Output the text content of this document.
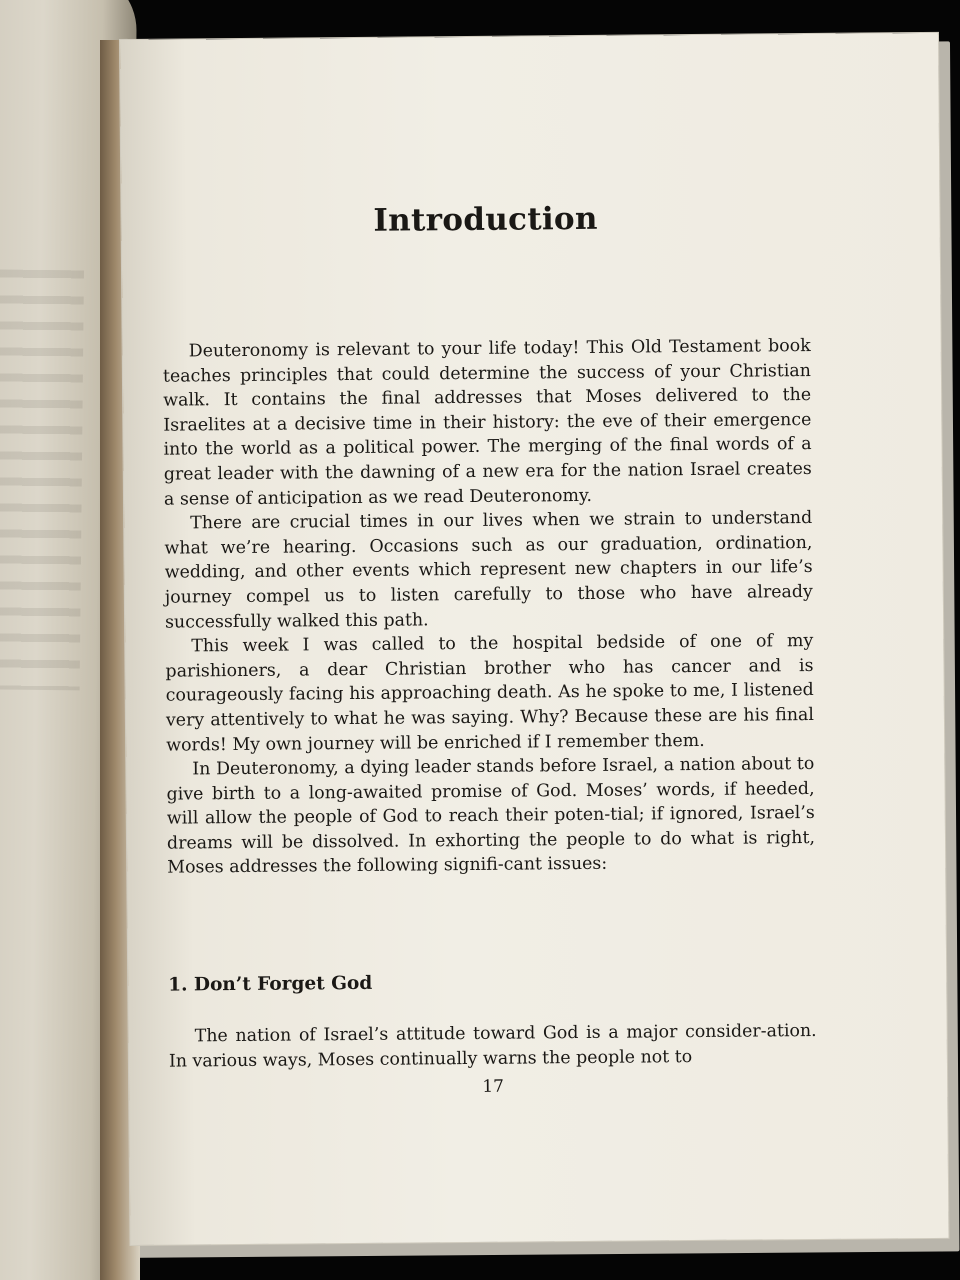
Introduction

Deuteronomy is relevant to your life today! This Old Testament book teaches principles that could determine the success of your Christian walk. It contains the final addresses that Moses delivered to the Israelites at a decisive time in their history: the eve of their emergence into the world as a political power. The merging of the final words of a great leader with the dawning of a new era for the nation Israel creates a sense of anticipation as we read Deuteronomy.

There are crucial times in our lives when we strain to understand what we’re hearing. Occasions such as our graduation, ordination, wedding, and other events which represent new chapters in our life’s journey compel us to listen carefully to those who have already successfully walked this path.

This week I was called to the hospital bedside of one of my parishioners, a dear Christian brother who has cancer and is courageously facing his approaching death. As he spoke to me, I listened very attentively to what he was saying. Why? Because these are his final words! My own journey will be enriched if I remember them.

In Deuteronomy, a dying leader stands before Israel, a nation about to give birth to a long-awaited promise of God. Moses’ words, if heeded, will allow the people of God to reach their poten-tial; if ignored, Israel’s dreams will be dissolved. In exhorting the people to do what is right, Moses addresses the following signifi-cant issues:

1. Don’t Forget God

The nation of Israel’s attitude toward God is a major consider-ation. In various ways, Moses continually warns the people not to

17
